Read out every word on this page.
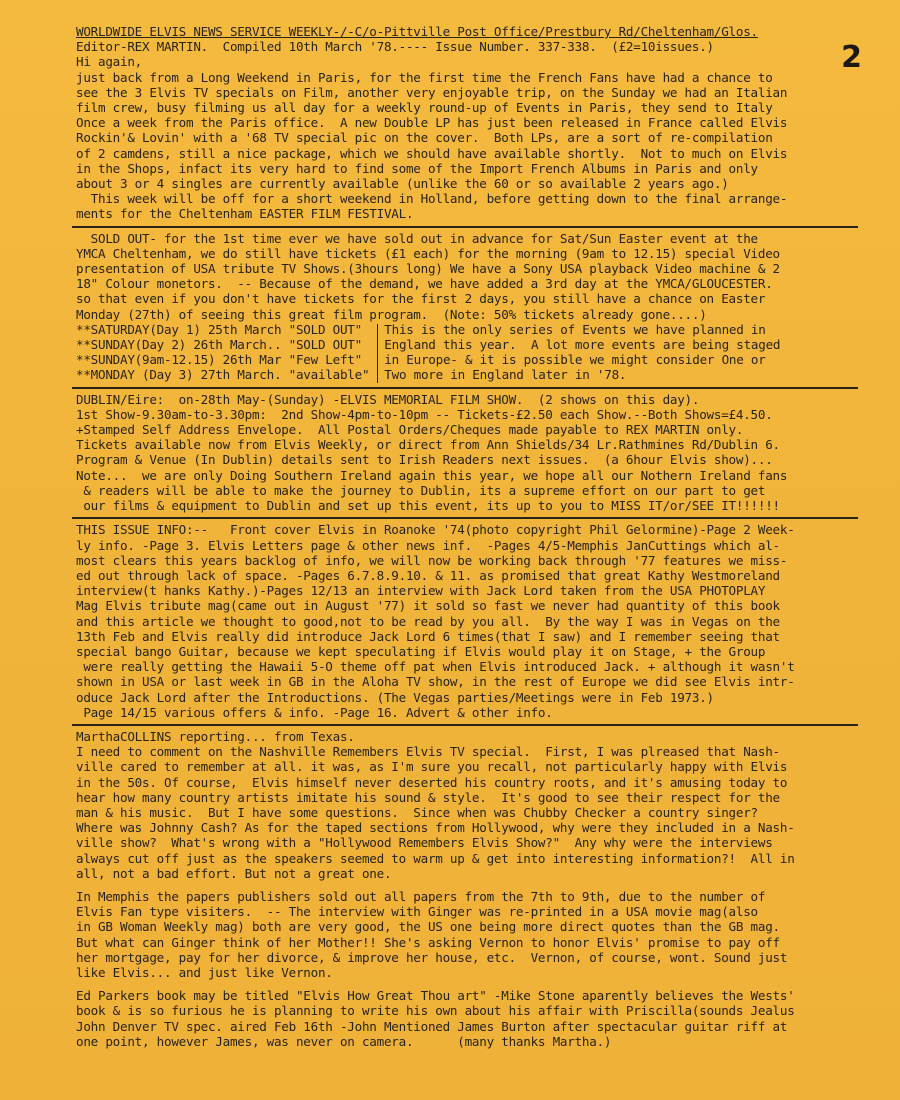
2
WORLDWIDE ELVIS NEWS SERVICE WEEKLY-/-C/o-Pittville Post Office/Prestbury Rd/Cheltenham/Glos.
Editor-REX MARTIN.  Compiled 10th March '78.---- Issue Number. 337-338.  (£2=10issues.)
Hi again,
just back from a Long Weekend in Paris, for the first time the French Fans have had a chance to
see the 3 Elvis TV specials on Film, another very enjoyable trip, on the Sunday we had an Italian
film crew, busy filming us all day for a weekly round-up of Events in Paris, they send to Italy
Once a week from the Paris office.  A new Double LP has just been released in France called Elvis
Rockin'& Lovin' with a '68 TV special pic on the cover.  Both LPs, are a sort of re-compilation
of 2 camdens, still a nice package, which we should have available shortly.  Not to much on Elvis
in the Shops, infact its very hard to find some of the Import French Albums in Paris and only
about 3 or 4 singles are currently available (unlike the 60 or so available 2 years ago.)
This week will be off for a short weekend in Holland, before getting down to the final arrange-
ments for the Cheltenham EASTER FILM FESTIVAL.
SOLD OUT- for the 1st time ever we have sold out in advance for Sat/Sun Easter event at the
YMCA Cheltenham, we do still have tickets (£1 each) for the morning (9am to 12.15) special Video
presentation of USA tribute TV Shows.(3hours long) We have a Sony USA playback Video machine & 2
18" Colour monetors.  -- Because of the demand, we have added a 3rd day at the YMCA/GLOUCESTER.
so that even if you don't have tickets for the first 2 days, you still have a chance on Easter
Monday (27th) of seeing this great film program.  (Note: 50% tickets already gone....)
**SATURDAY(Day 1) 25th March "SOLD OUT"
**SUNDAY(Day 2) 26th March.. "SOLD OUT"
**SUNDAY(9am-12.15) 26th Mar "Few Left"
**MONDAY (Day 3) 27th March. "available"
This is the only series of Events we have planned in
England this year.  A lot more events are being staged
in Europe- & it is possible we might consider One or
Two more in England later in '78.
DUBLIN/Eire:  on-28th May-(Sunday) -ELVIS MEMORIAL FILM SHOW.  (2 shows on this day).
1st Show-9.30am-to-3.30pm:  2nd Show-4pm-to-10pm -- Tickets-£2.50 each Show.--Both Shows=£4.50.
+Stamped Self Address Envelope.  All Postal Orders/Cheques made payable to REX MARTIN only.
Tickets available now from Elvis Weekly, or direct from Ann Shields/34 Lr.Rathmines Rd/Dublin 6.
Program & Venue (In Dublin) details sent to Irish Readers next issues.  (a 6hour Elvis show)...
Note...  we are only Doing Southern Ireland again this year, we hope all our Nothern Ireland fans
& readers will be able to make the journey to Dublin, its a supreme effort on our part to get
our films & equipment to Dublin and set up this event, its up to you to MISS IT/or/SEE IT!!!!!!
THIS ISSUE INFO:--   Front cover Elvis in Roanoke '74(photo copyright Phil Gelormine)-Page 2 Week-
ly info. -Page 3. Elvis Letters page & other news inf.  -Pages 4/5-Memphis JanCuttings which al-
most clears this years backlog of info, we will now be working back through '77 features we miss-
ed out through lack of space. -Pages 6.7.8.9.10. & 11. as promised that great Kathy Westmoreland
interview(t hanks Kathy.)-Pages 12/13 an interview with Jack Lord taken from the USA PHOTOPLAY
Mag Elvis tribute mag(came out in August '77) it sold so fast we never had quantity of this book
and this article we thought to good,not to be read by you all.  By the way I was in Vegas on the
13th Feb and Elvis really did introduce Jack Lord 6 times(that I saw) and I remember seeing that
special bango Guitar, because we kept speculating if Elvis would play it on Stage, + the Group
were really getting the Hawaii 5-O theme off pat when Elvis introduced Jack. + although it wasn't
shown in USA or last week in GB in the Aloha TV show, in the rest of Europe we did see Elvis intr-
oduce Jack Lord after the Introductions. (The Vegas parties/Meetings were in Feb 1973.)
Page 14/15 various offers & info. -Page 16. Advert & other info.
MarthaCOLLINS reporting... from Texas.
I need to comment on the Nashville Remembers Elvis TV special.  First, I was plreased that Nash-
ville cared to remember at all. it was, as I'm sure you recall, not particularly happy with Elvis
in the 50s. Of course,  Elvis himself never deserted his country roots, and it's amusing today to
hear how many country artists imitate his sound & style.  It's good to see their respect for the
man & his music.  But I have some questions.  Since when was Chubby Checker a country singer?
Where was Johnny Cash? As for the taped sections from Hollywood, why were they included in a Nash-
ville show?  What's wrong with a "Hollywood Remembers Elvis Show?"  Any why were the interviews
always cut off just as the speakers seemed to warm up & get into interesting information?!  All in
all, not a bad effort. But not a great one.
In Memphis the papers publishers sold out all papers from the 7th to 9th, due to the number of
Elvis Fan type visiters.  -- The interview with Ginger was re-printed in a USA movie mag(also
in GB Woman Weekly mag) both are very good, the US one being more direct quotes than the GB mag.
But what can Ginger think of her Mother!! She's asking Vernon to honor Elvis' promise to pay off
her mortgage, pay for her divorce, & improve her house, etc.  Vernon, of course, wont. Sound just
like Elvis... and just like Vernon.
Ed Parkers book may be titled "Elvis How Great Thou art" -Mike Stone aparently believes the Wests'
book & is so furious he is planning to write his own about his affair with Priscilla(sounds Jealus
John Denver TV spec. aired Feb 16th -John Mentioned James Burton after spectacular guitar riff at
one point, however James, was never on camera.      (many thanks Martha.)
